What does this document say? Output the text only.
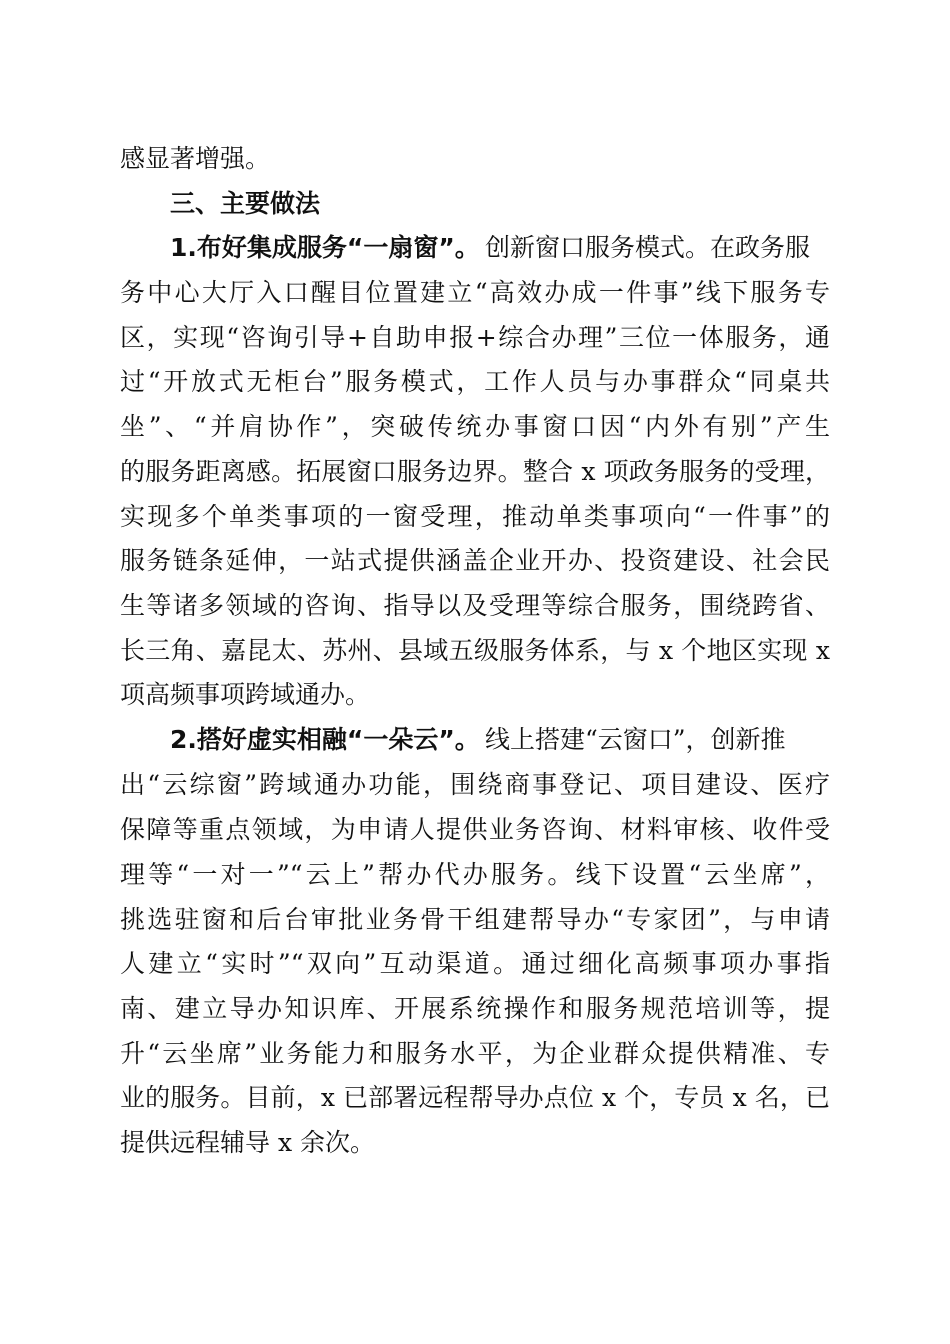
感显著增强。

三、主要做法

1.布好集成服务“一扇窗”。 创新窗口服务模式。在政务服

务中心大厅入口醒目位置建立“高效办成一件事”线下服务专

区，实现“咨询引导+自助申报+综合办理”三位一体服务，通

过“开放式无柜台”服务模式，工作人员与办事群众“同桌共

坐”、“并肩协作”，突破传统办事窗口因“内外有别”产生

的服务距离感。拓展窗口服务边界。整合 x 项政务服务的受理，

实现多个单类事项的一窗受理，推动单类事项向“一件事”的

服务链条延伸，一站式提供涵盖企业开办、投资建设、社会民

生等诸多领域的咨询、指导以及受理等综合服务，围绕跨省、

长三角、嘉昆太、苏州、县域五级服务体系，与 x 个地区实现 x

项高频事项跨域通办。

2.搭好虚实相融“一朵云”。 线上搭建“云窗口”，创新推

出“云综窗”跨域通办功能，围绕商事登记、项目建设、医疗

保障等重点领域，为申请人提供业务咨询、材料审核、收件受

理等“一对一”“云上”帮办代办服务。线下设置“云坐席”，

挑选驻窗和后台审批业务骨干组建帮导办“专家团”，与申请

人建立“实时”“双向”互动渠道。通过细化高频事项办事指

南、建立导办知识库、开展系统操作和服务规范培训等，提

升“云坐席”业务能力和服务水平，为企业群众提供精准、专

业的服务。目前，x 已部署远程帮导办点位 x 个，专员 x 名，已

提供远程辅导 x 余次。
